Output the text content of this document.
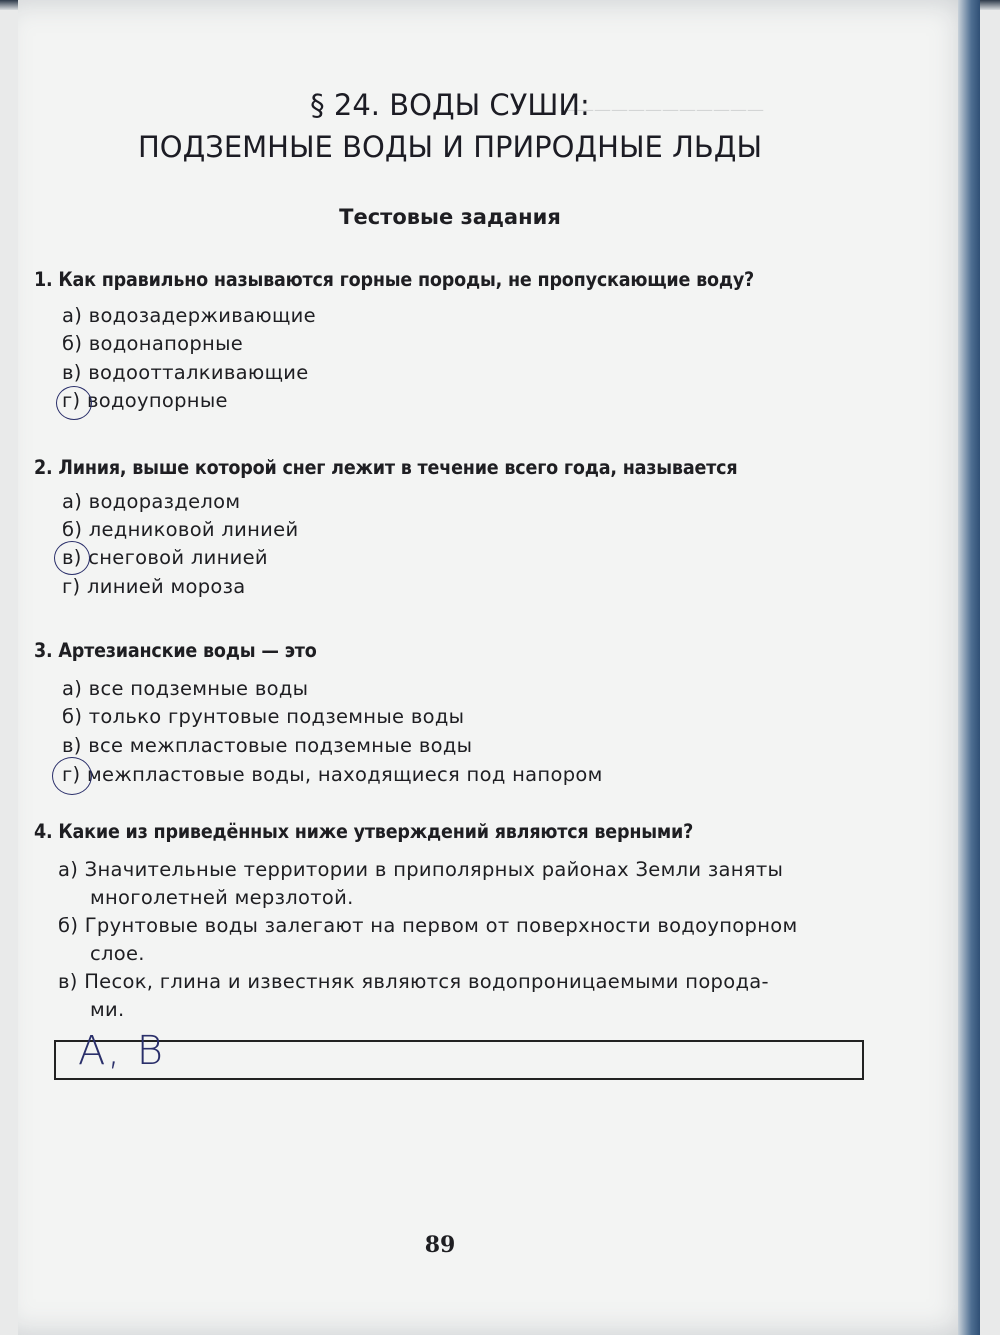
————————————
§ 24. ВОДЫ СУШИ:
ПОДЗЕМНЫЕ ВОДЫ И ПРИРОДНЫЕ ЛЬДЫ
Тестовые задания
1. Как правильно называются горные породы, не пропускающие воду?
а) водозадерживающие
б) водонапорные
в) водоотталкивающие
г) водоупорные
2. Линия, выше которой снег лежит в течение всего года, называется
а) водоразделом
б) ледниковой линией
в) снеговой линией
г) линией мороза
3. Артезианские воды — это
а) все подземные воды
б) только грунтовые подземные воды
в) все межпластовые подземные воды
г) межпластовые воды, находящиеся под напором
4. Какие из приведённых ниже утверждений являются верными?
а) Значительные территории в приполярных районах Земли заняты
многолетней мерзлотой.
б) Грунтовые воды залегают на первом от поверхности водоупорном
слое.
в) Песок, глина и известняк являются водопроницаемыми порода-
ми.
А, В
89
